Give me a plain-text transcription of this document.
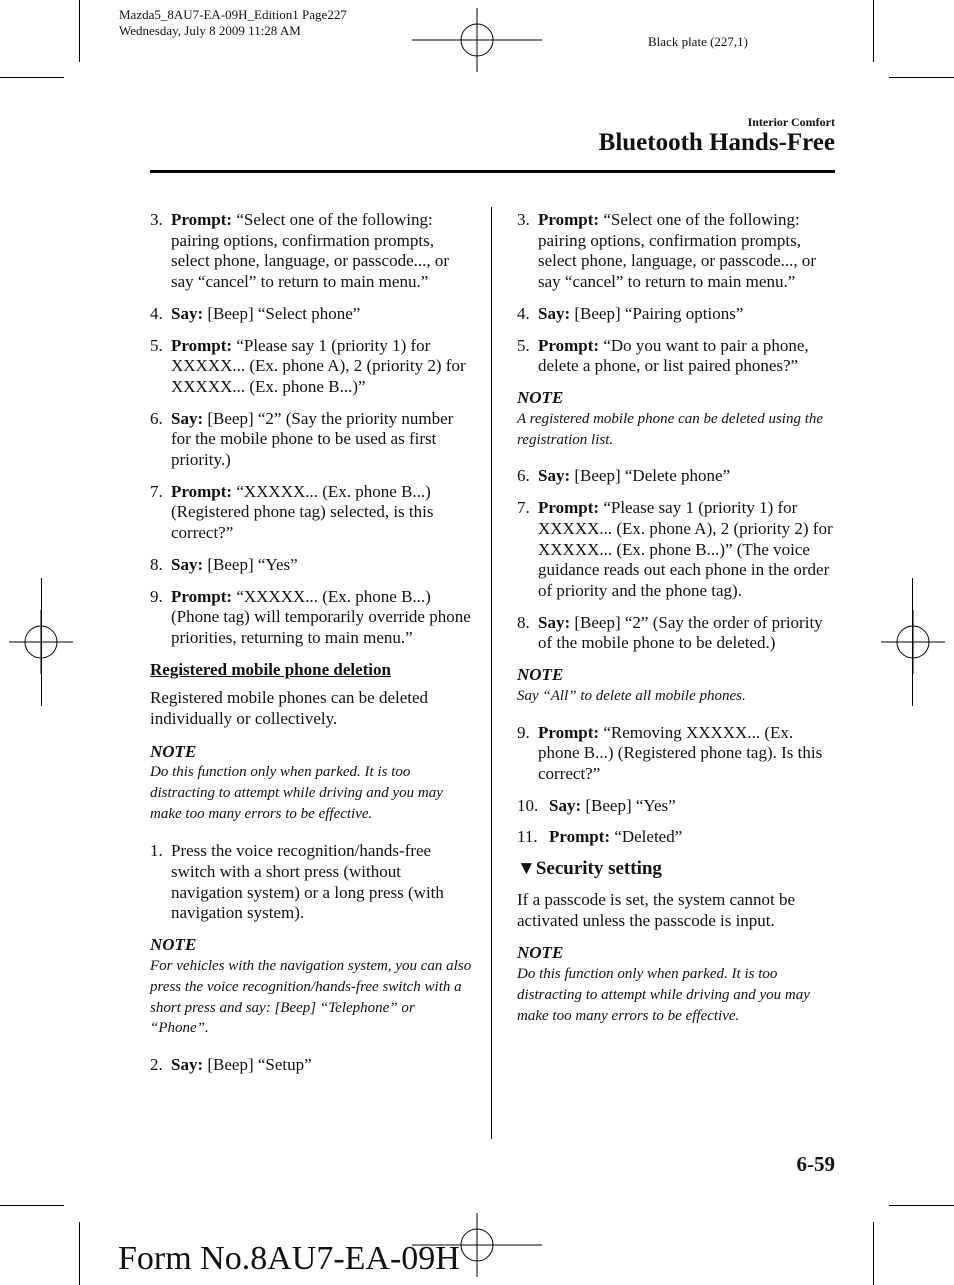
Mazda5_8AU7-EA-09H_Edition1 Page227
Wednesday, July 8 2009 11:28 AM
Black plate (227,1)
Interior Comfort
Bluetooth Hands-Free
3. Prompt: “Select one of the following: pairing options, confirmation prompts, select phone, language, or passcode..., or say “cancel” to return to main menu.”
4. Say: [Beep] “Select phone”
5. Prompt: “Please say 1 (priority 1) for XXXXX... (Ex. phone A), 2 (priority 2) for XXXXX... (Ex. phone B...)”
6. Say: [Beep] “2” (Say the priority number for the mobile phone to be used as first priority.)
7. Prompt: “XXXXX... (Ex. phone B...) (Registered phone tag) selected, is this correct?”
8. Say: [Beep] “Yes”
9. Prompt: “XXXXX... (Ex. phone B...) (Phone tag) will temporarily override phone priorities, returning to main menu.”
Registered mobile phone deletion
Registered mobile phones can be deleted individually or collectively.
NOTE
Do this function only when parked. It is too distracting to attempt while driving and you may make too many errors to be effective.
1. Press the voice recognition/hands-free switch with a short press (without navigation system) or a long press (with navigation system).
NOTE
For vehicles with the navigation system, you can also press the voice recognition/hands-free switch with a short press and say: [Beep] “Telephone” or “Phone”.
2. Say: [Beep] “Setup”
3. Prompt: “Select one of the following: pairing options, confirmation prompts, select phone, language, or passcode..., or say “cancel” to return to main menu.”
4. Say: [Beep] “Pairing options”
5. Prompt: “Do you want to pair a phone, delete a phone, or list paired phones?”
NOTE
A registered mobile phone can be deleted using the registration list.
6. Say: [Beep] “Delete phone”
7. Prompt: “Please say 1 (priority 1) for XXXXX... (Ex. phone A), 2 (priority 2) for XXXXX... (Ex. phone B...)” (The voice guidance reads out each phone in the order of priority and the phone tag).
8. Say: [Beep] “2” (Say the order of priority of the mobile phone to be deleted.)
NOTE
Say “All” to delete all mobile phones.
9. Prompt: “Removing XXXXX... (Ex. phone B...) (Registered phone tag). Is this correct?”
10. Say: [Beep] “Yes”
11. Prompt: “Deleted”
▼Security setting
If a passcode is set, the system cannot be activated unless the passcode is input.
NOTE
Do this function only when parked. It is too distracting to attempt while driving and you may make too many errors to be effective.
6-59
Form No.8AU7-EA-09H
